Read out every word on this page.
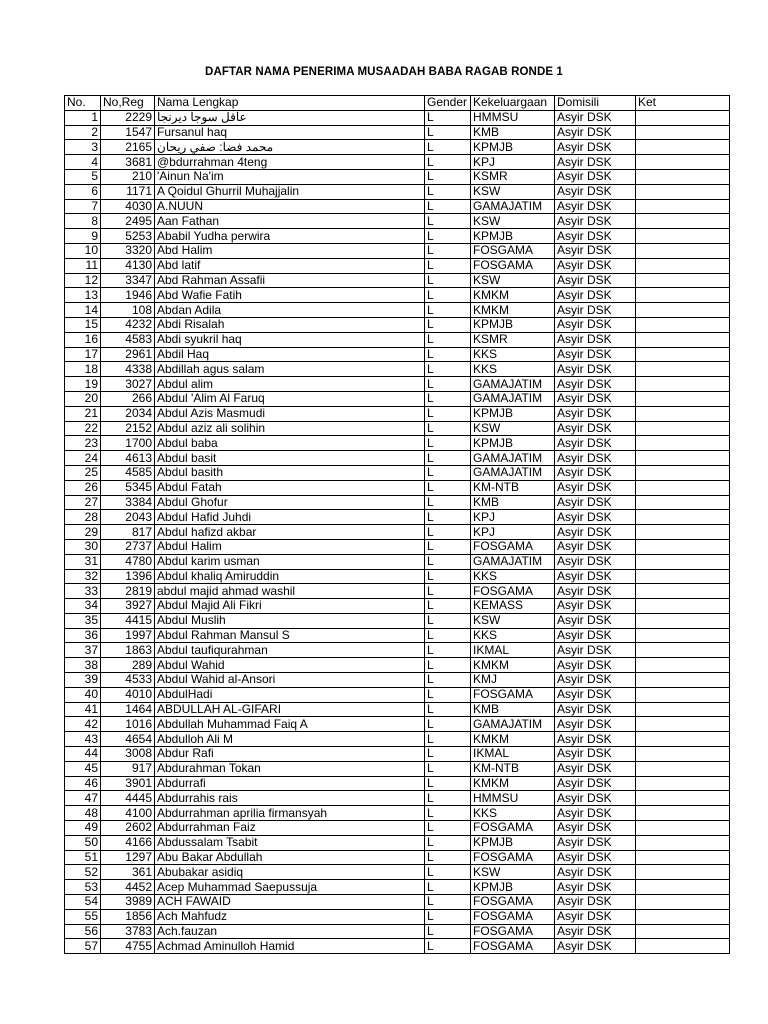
DAFTAR NAMA PENERIMA MUSAADAH BABA RAGAB RONDE 1
No.	No,Reg	Nama Lengkap	Gender	Kekeluargaan	Domisili	Ket
1	2229	عاقل سوجا ديرنجا	L	HMMSU	Asyir DSK	
2	1547	Fursanul haq	L	KMB	Asyir DSK	
3	2165	محمد فضا: صفي ريحان	L	KPMJB	Asyir DSK	
4	3681	@bdurrahman 4teng	L	KPJ	Asyir DSK	
5	210	'Ainun Na'im	L	KSMR	Asyir DSK	
6	1171	A Qoidul Ghurril Muhajjalin	L	KSW	Asyir DSK	
7	4030	A.NUUN	L	GAMAJATIM	Asyir DSK	
8	2495	Aan Fathan	L	KSW	Asyir DSK	
9	5253	Ababil Yudha perwira	L	KPMJB	Asyir DSK	
10	3320	Abd Halim	L	FOSGAMA	Asyir DSK	
11	4130	Abd latif	L	FOSGAMA	Asyir DSK	
12	3347	Abd Rahman Assafii	L	KSW	Asyir DSK	
13	1946	Abd Wafie Fatih	L	KMKM	Asyir DSK	
14	108	Abdan Adila	L	KMKM	Asyir DSK	
15	4232	Abdi Risalah	L	KPMJB	Asyir DSK	
16	4583	Abdi syukril haq	L	KSMR	Asyir DSK	
17	2961	Abdil Haq	L	KKS	Asyir DSK	
18	4338	Abdillah agus salam	L	KKS	Asyir DSK	
19	3027	Abdul alim	L	GAMAJATIM	Asyir DSK	
20	266	Abdul 'Alim Al Faruq	L	GAMAJATIM	Asyir DSK	
21	2034	Abdul Azis Masmudi	L	KPMJB	Asyir DSK	
22	2152	Abdul aziz ali solihin	L	KSW	Asyir DSK	
23	1700	Abdul baba	L	KPMJB	Asyir DSK	
24	4613	Abdul basit	L	GAMAJATIM	Asyir DSK	
25	4585	Abdul basith	L	GAMAJATIM	Asyir DSK	
26	5345	Abdul Fatah	L	KM-NTB	Asyir DSK	
27	3384	Abdul Ghofur	L	KMB	Asyir DSK	
28	2043	Abdul Hafid Juhdi	L	KPJ	Asyir DSK	
29	817	Abdul hafizd akbar	L	KPJ	Asyir DSK	
30	2737	Abdul Halim	L	FOSGAMA	Asyir DSK	
31	4780	Abdul karim usman	L	GAMAJATIM	Asyir DSK	
32	1396	Abdul khaliq Amiruddin	L	KKS	Asyir DSK	
33	2819	abdul majid ahmad washil	L	FOSGAMA	Asyir DSK	
34	3927	Abdul Majid Ali Fikri	L	KEMASS	Asyir DSK	
35	4415	Abdul Muslih	L	KSW	Asyir DSK	
36	1997	Abdul Rahman Mansul S	L	KKS	Asyir DSK	
37	1863	Abdul taufiqurahman	L	IKMAL	Asyir DSK	
38	289	Abdul Wahid	L	KMKM	Asyir DSK	
39	4533	Abdul Wahid al-Ansori	L	KMJ	Asyir DSK	
40	4010	AbdulHadi	L	FOSGAMA	Asyir DSK	
41	1464	ABDULLAH AL-GIFARI	L	KMB	Asyir DSK	
42	1016	Abdullah Muhammad Faiq A	L	GAMAJATIM	Asyir DSK	
43	4654	Abdulloh Ali M	L	KMKM	Asyir DSK	
44	3008	Abdur Rafi	L	IKMAL	Asyir DSK	
45	917	Abdurahman Tokan	L	KM-NTB	Asyir DSK	
46	3901	Abdurrafi	L	KMKM	Asyir DSK	
47	4445	Abdurrahis rais	L	HMMSU	Asyir DSK	
48	4100	Abdurrahman aprilia firmansyah	L	KKS	Asyir DSK	
49	2602	Abdurrahman Faiz	L	FOSGAMA	Asyir DSK	
50	4166	Abdussalam Tsabit	L	KPMJB	Asyir DSK	
51	1297	Abu Bakar Abdullah	L	FOSGAMA	Asyir DSK	
52	361	Abubakar asidiq	L	KSW	Asyir DSK	
53	4452	Acep Muhammad Saepussuja	L	KPMJB	Asyir DSK	
54	3989	ACH FAWAID	L	FOSGAMA	Asyir DSK	
55	1856	Ach Mahfudz	L	FOSGAMA	Asyir DSK	
56	3783	Ach.fauzan	L	FOSGAMA	Asyir DSK	
57	4755	Achmad Aminulloh Hamid	L	FOSGAMA	Asyir DSK	
